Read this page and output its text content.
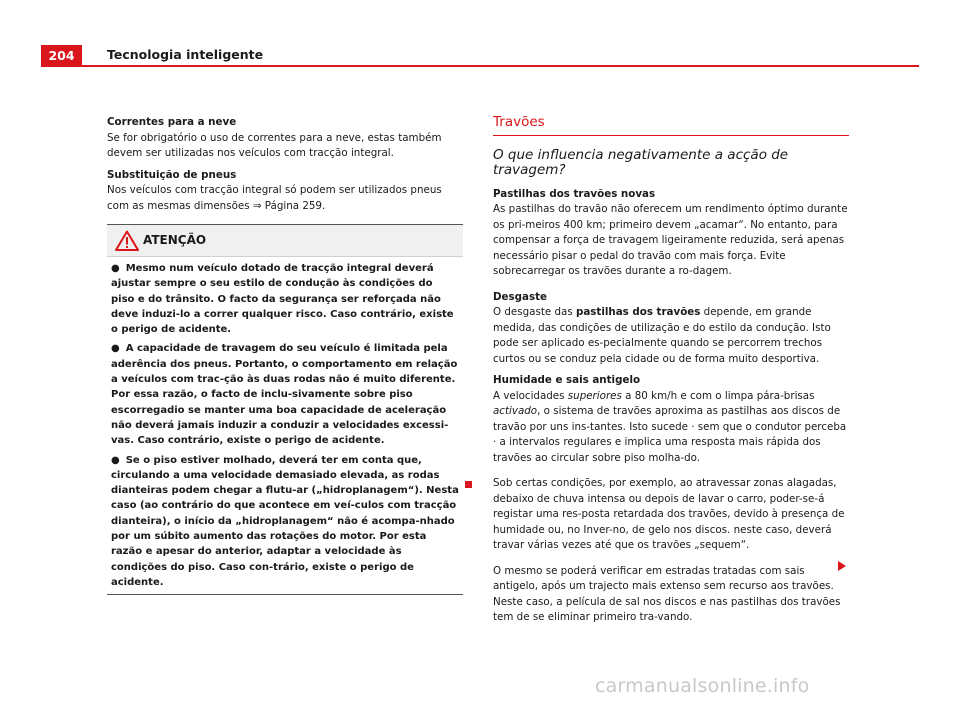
204	Tecnologia inteligente

Correntes para a neve

Se for obrigatório o uso de correntes para a neve, estas também devem ser utilizadas nos veículos com tracção integral.

Substituição de pneus

Nos veículos com tracção integral só podem ser utilizados pneus com as mesmas dimensões ⇒ Página 259.

ATENÇÃO

● Mesmo num veículo dotado de tracção integral deverá ajustar sempre o seu estilo de condução às condições do piso e do trânsito. O facto da segurança ser reforçada não deve induzi-lo a correr qualquer risco. Caso contrário, existe o perigo de acidente.

● A capacidade de travagem do seu veículo é limitada pela aderência dos pneus. Portanto, o comportamento em relação a veículos com trac-ção às duas rodas não é muito diferente. Por essa razão, o facto de inclu-sivamente sobre piso escorregadio se manter uma boa capacidade de aceleração não deverá jamais induzir a conduzir a velocidades excessi-vas. Caso contrário, existe o perigo de acidente.

● Se o piso estiver molhado, deverá ter em conta que, circulando a uma velocidade demasiado elevada, as rodas dianteiras podem chegar a flutu-ar („hidroplanagem“). Nesta caso (ao contrário do que acontece em veí-culos com tracção dianteira), o início da „hidroplanagem“ não é acompa-nhado por um súbito aumento das rotações do motor. Por esta razão e apesar do anterior, adaptar a velocidade às condições do piso. Caso con-trário, existe o perigo de acidente.

Travões

O que influencia negativamente a acção de travagem?

Pastilhas dos travões novas

As pastilhas do travão não oferecem um rendimento óptimo durante os pri-meiros 400 km; primeiro devem „acamar“. No entanto, para compensar a força de travagem ligeiramente reduzida, será apenas necessário pisar o pedal do travão com mais força. Evite sobrecarregar os travões durante a ro-dagem.

Desgaste

O desgaste das pastilhas dos travões depende, em grande medida, das condições de utilização e do estilo da condução. Isto pode ser aplicado es-pecialmente quando se percorrem trechos curtos ou se conduz pela cidade ou de forma muito desportiva.

Humidade e sais antigelo

A velocidades superiores a 80 km/h e com o limpa pára-brisas activado, o sistema de travões aproxima as pastilhas aos discos de travão por uns ins-tantes. Isto sucede · sem que o condutor perceba · a intervalos regulares e implica uma resposta mais rápida dos travões ao circular sobre piso molha-do.

Sob certas condições, por exemplo, ao atravessar zonas alagadas, debaixo de chuva intensa ou depois de lavar o carro, poder-se-á registar uma res-posta retardada dos travões, devido à presença de humidade ou, no Inver-no, de gelo nos discos. neste caso, deverá travar várias vezes até que os travões „sequem“.

O mesmo se poderá verificar em estradas tratadas com sais antigelo, após um trajecto mais extenso sem recurso aos travões. Neste caso, a película de sal nos discos e nas pastilhas dos travões tem de se eliminar primeiro tra-vando.

carmanualsonline.info
